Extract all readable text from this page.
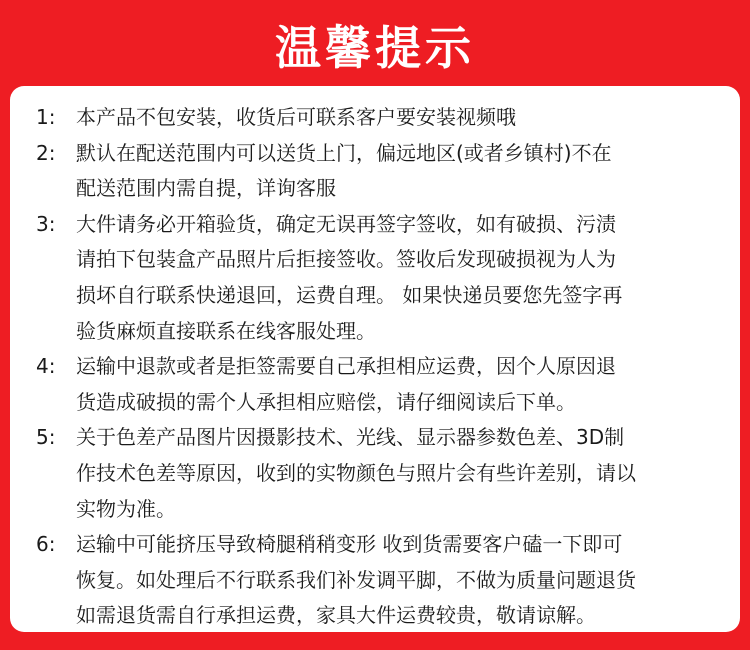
温馨提示
1:	本产品不包安装，收货后可联系客户要安装视频哦
2:	默认在配送范围内可以送货上门，偏远地区(或者乡镇村)不在
配送范围内需自提，详询客服
3:	大件请务必开箱验货，确定无误再签字签收，如有破损、污渍
请拍下包装盒产品照片后拒接签收。签收后发现破损视为人为
损坏自行联系快递退回，运费自理。 如果快递员要您先签字再
验货麻烦直接联系在线客服处理。
4:	运输中退款或者是拒签需要自己承担相应运费，因个人原因退
货造成破损的需个人承担相应赔偿，请仔细阅读后下单。
5:	关于色差产品图片因摄影技术、光线、显示器参数色差、3D制
作技术色差等原因，收到的实物颜色与照片会有些许差别，请以
实物为准。
6:	运输中可能挤压导致椅腿稍稍变形 收到货需要客户磕一下即可
恢复。如处理后不行联系我们补发调平脚，不做为质量问题退货
如需退货需自行承担运费，家具大件运费较贵，敬请谅解。
